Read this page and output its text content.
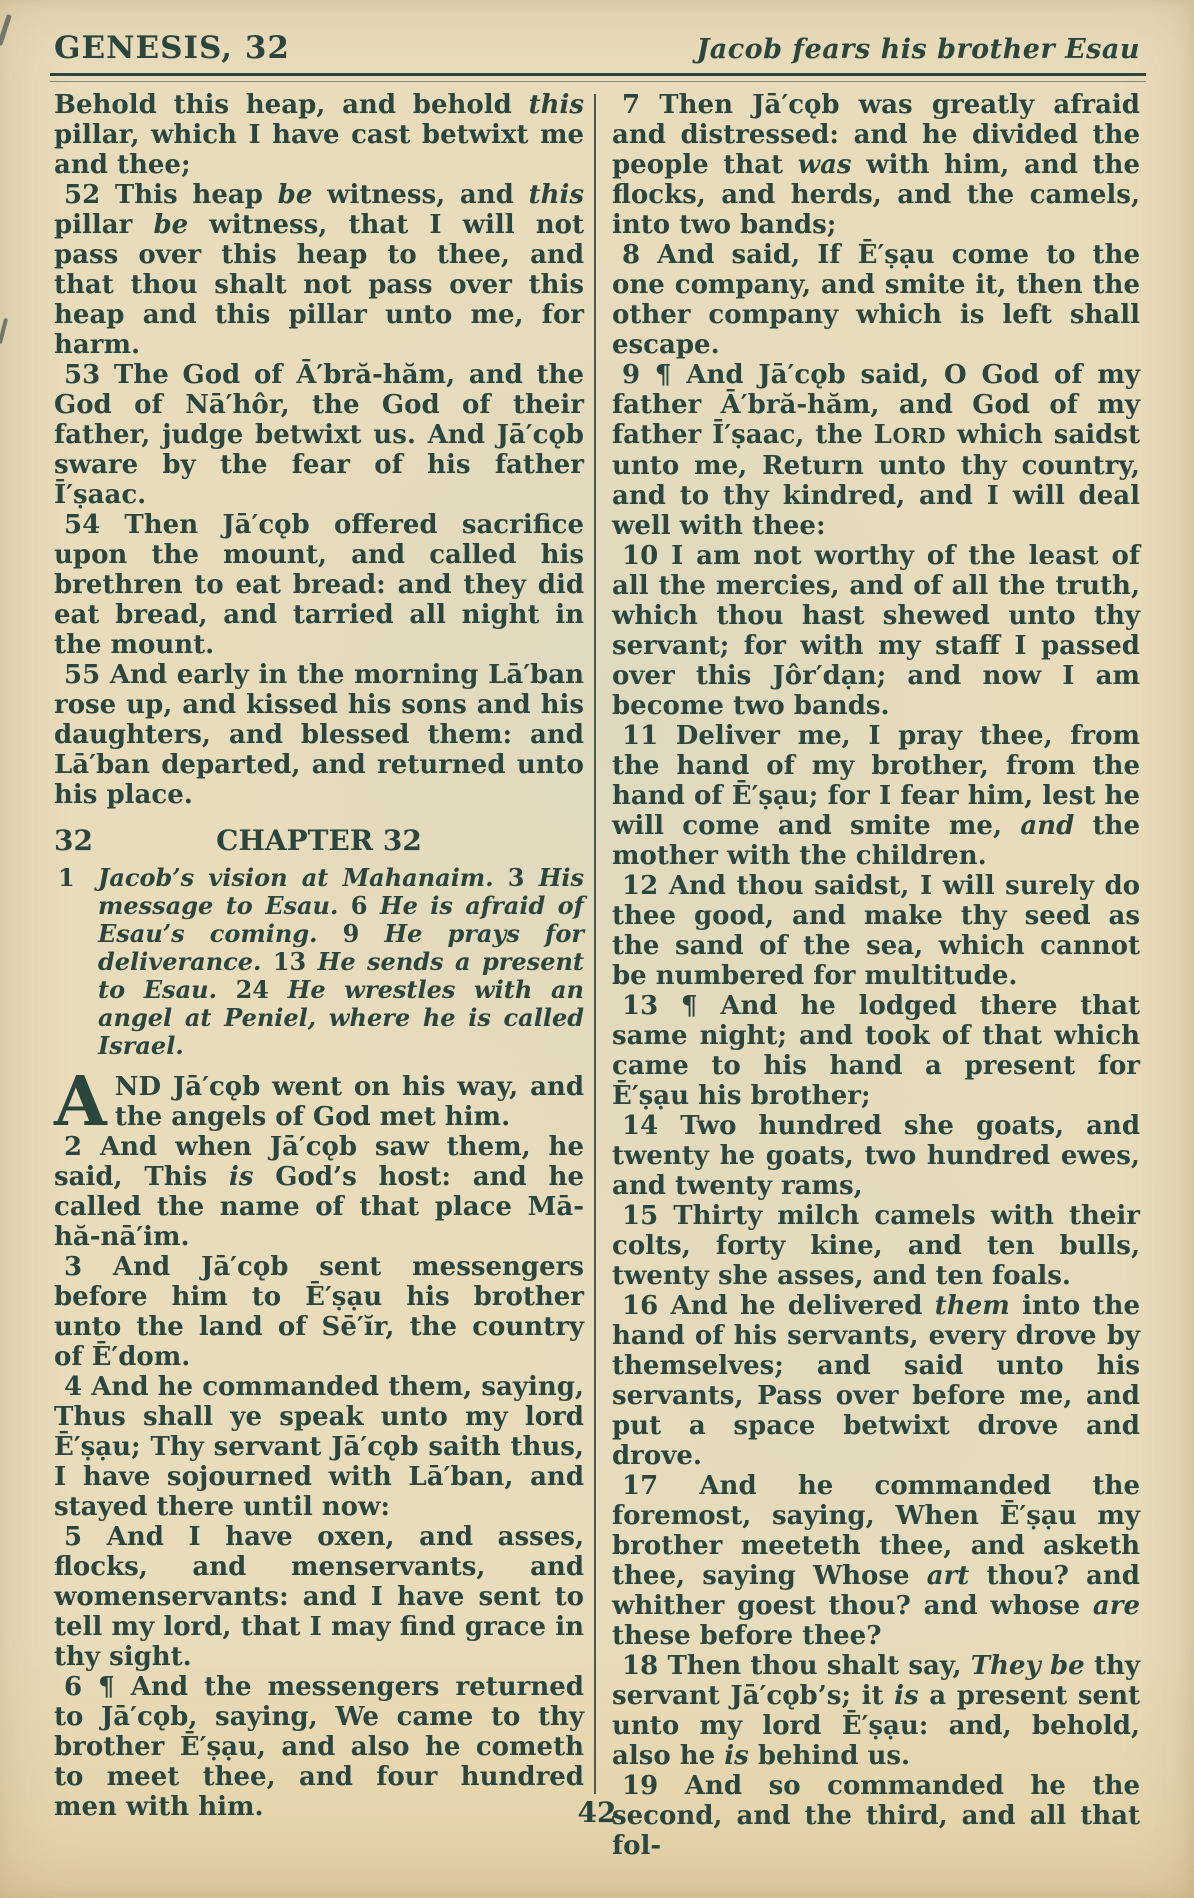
GENESIS, 32	Jacob fears his brother Esau

Behold this heap, and behold this pillar, which I have cast betwixt me and thee;

52 This heap be witness, and this pillar be witness, that I will not pass over this heap to thee, and that thou shalt not pass over this heap and this pillar unto me, for harm.

53 The God of Ā′bră-hăm, and the God of Nā′hôr, the God of their father, judge betwixt us. And Jā′cǫb sware by the fear of his father Ī′ṣaac.

54 Then Jā′cǫb offered sacrifice upon the mount, and called his brethren to eat bread: and they did eat bread, and tarried all night in the mount.

55 And early in the morning Lā′ban rose up, and kissed his sons and his daughters, and blessed them: and Lā′ban departed, and returned unto his place.

32	CHAPTER 32

1 Jacob’s vision at Mahanaim. 3 His message to Esau. 6 He is afraid of Esau’s coming. 9 He prays for deliverance. 13 He sends a present to Esau. 24 He wrestles with an angel at Peniel, where he is called Israel.

AND Jā′cǫb went on his way, and the angels of God met him.

2 And when Jā′cǫb saw them, he said, This is God’s host: and he called the name of that place Mā-hă-nā′im.

3 And Jā′cǫb sent messengers before him to Ē′ṣạu his brother unto the land of Sē′ĭr, the country of Ē′dom.

4 And he commanded them, saying, Thus shall ye speak unto my lord Ē′ṣạu; Thy servant Jā′cǫb saith thus, I have sojourned with Lā′ban, and stayed there until now:

5 And I have oxen, and asses, flocks, and menservants, and womenservants: and I have sent to tell my lord, that I may find grace in thy sight.

6 ¶ And the messengers returned to Jā′cǫb, saying, We came to thy brother Ē′ṣạu, and also he cometh to meet thee, and four hundred men with him.

7 Then Jā′cǫb was greatly afraid and distressed: and he divided the people that was with him, and the flocks, and herds, and the camels, into two bands;

8 And said, If Ē′ṣạu come to the one company, and smite it, then the other company which is left shall escape.

9 ¶ And Jā′cǫb said, O God of my father Ā′bră-hăm, and God of my father Ī′ṣaac, the LORD which saidst unto me, Return unto thy country, and to thy kindred, and I will deal well with thee:

10 I am not worthy of the least of all the mercies, and of all the truth, which thou hast shewed unto thy servant; for with my staff I passed over this Jôr′dạn; and now I am become two bands.

11 Deliver me, I pray thee, from the hand of my brother, from the hand of Ē′ṣạu; for I fear him, lest he will come and smite me, and the mother with the children.

12 And thou saidst, I will surely do thee good, and make thy seed as the sand of the sea, which cannot be numbered for multitude.

13 ¶ And he lodged there that same night; and took of that which came to his hand a present for Ē′ṣạu his brother;

14 Two hundred she goats, and twenty he goats, two hundred ewes, and twenty rams,

15 Thirty milch camels with their colts, forty kine, and ten bulls, twenty she asses, and ten foals.

16 And he delivered them into the hand of his servants, every drove by themselves; and said unto his servants, Pass over before me, and put a space betwixt drove and drove.

17 And he commanded the foremost, saying, When Ē′ṣạu my brother meeteth thee, and asketh thee, saying Whose art thou? and whither goest thou? and whose are these before thee?

18 Then thou shalt say, They be thy servant Jā′cǫb’s; it is a present sent unto my lord Ē′ṣạu: and, behold, also he is behind us.

19 And so commanded he the second, and the third, and all that fol-

42
